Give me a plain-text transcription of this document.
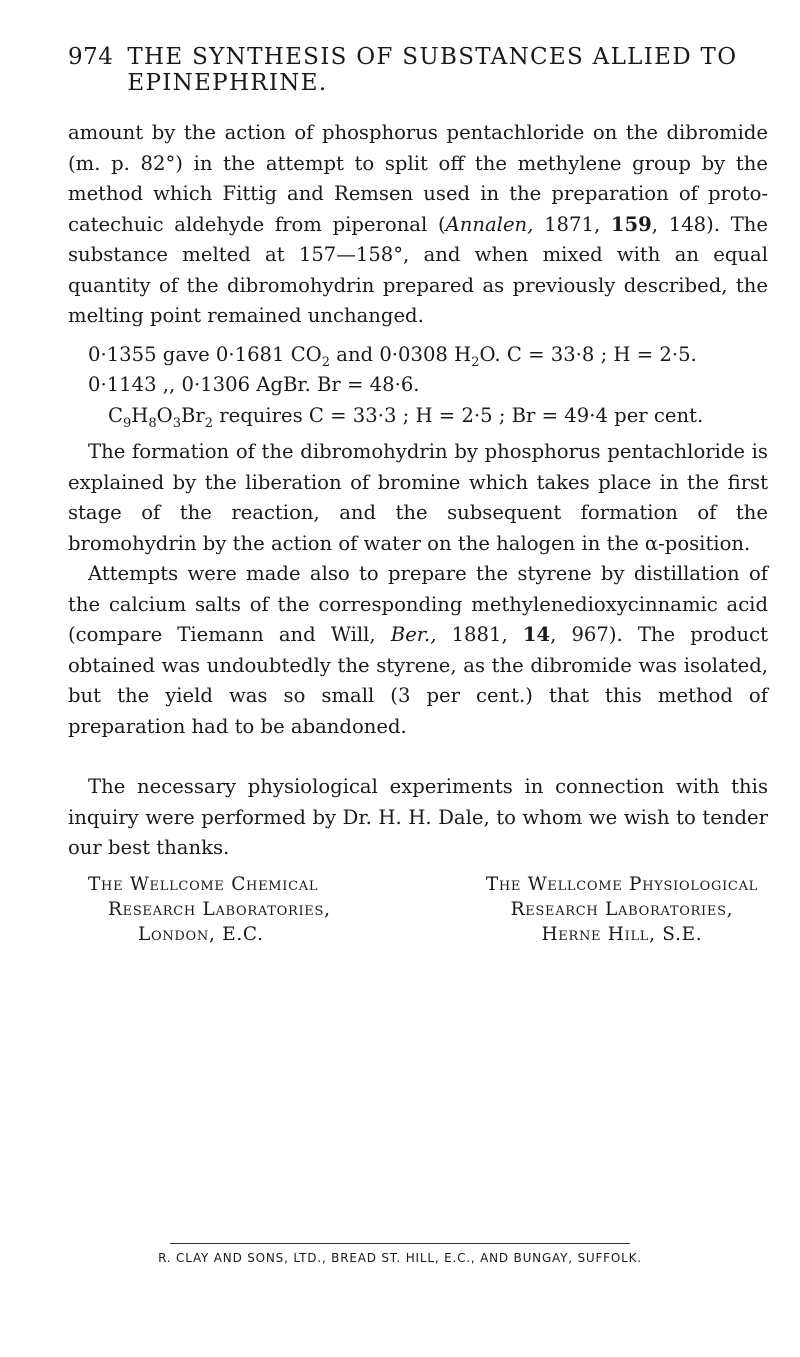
974 THE SYNTHESIS OF SUBSTANCES ALLIED TO EPINEPHRINE.

amount by the action of phosphorus pentachloride on the dibromide (m. p. 82°) in the attempt to split off the methylene group by the method which Fittig and Remsen used in the preparation of proto-catechuic aldehyde from piperonal (Annalen, 1871, 159, 148). The substance melted at 157—158°, and when mixed with an equal quantity of the dibromohydrin prepared as previously described, the melting point remained unchanged.

0·1355 gave 0·1681 $CO_2$ and 0·0308 $H_2O$. C = 33·8 ; H = 2·5.
0·1143 ,, 0·1306 AgBr. Br = 48·6.
$C_9H_8O_3Br_2$ requires C = 33·3 ; H = 2·5 ; Br = 49·4 per cent.

The formation of the dibromohydrin by phosphorus pentachloride is explained by the liberation of bromine which takes place in the first stage of the reaction, and the subsequent formation of the bromohydrin by the action of water on the halogen in the α-position.

Attempts were made also to prepare the styrene by distillation of the calcium salts of the corresponding methylenedioxycinnamic acid (compare Tiemann and Will, Ber., 1881, 14, 967). The product obtained was undoubtedly the styrene, as the dibromide was isolated, but the yield was so small (3 per cent.) that this method of preparation had to be abandoned.

The necessary physiological experiments in connection with this inquiry were performed by Dr. H. H. Dale, to whom we wish to tender our best thanks.

The Wellcome Chemical
Research Laboratories,
London, E.C.
The Wellcome Physiological
Research Laboratories,
Herne Hill, S.E.
R. CLAY AND SONS, LTD., BREAD ST. HILL, E.C., AND BUNGAY, SUFFOLK.
